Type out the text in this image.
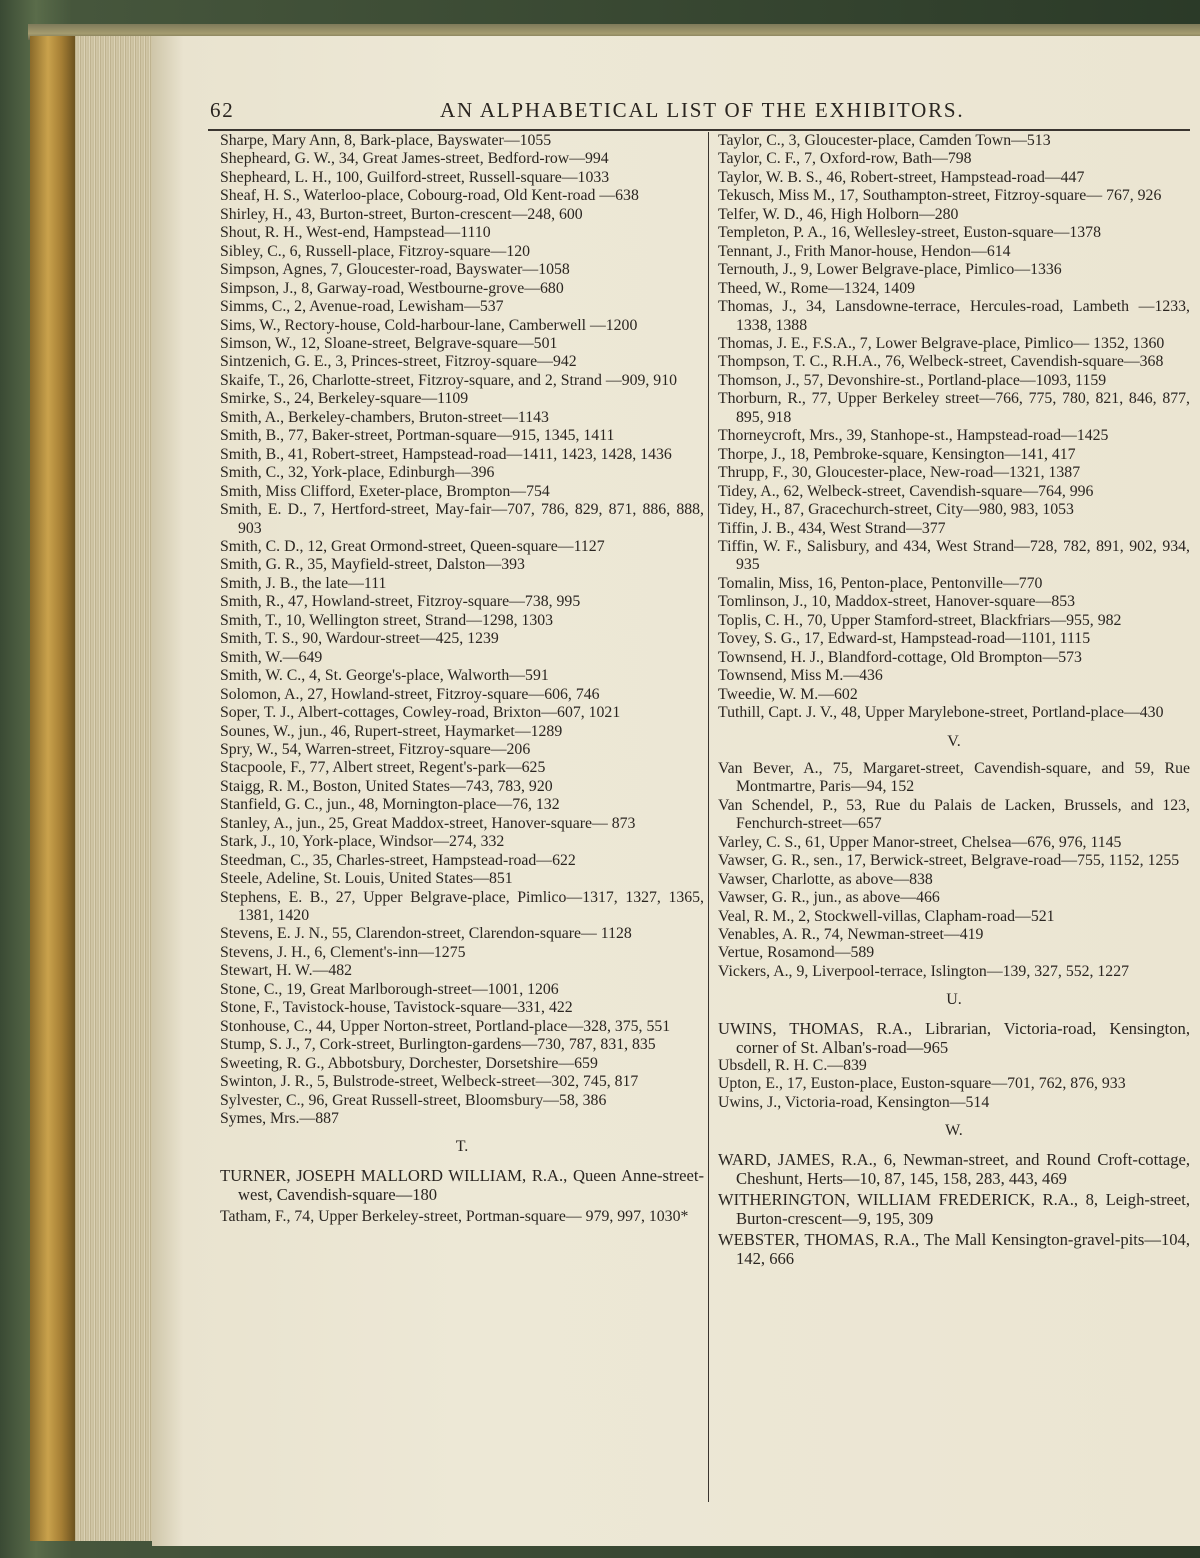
62	AN ALPHABETICAL LIST OF THE EXHIBITORS.

Sharpe, Mary Ann, 8, Bark-place, Bayswater—1055

Shepheard, G. W., 34, Great James-street, Bedford-row—994

Shepheard, L. H., 100, Guilford-street, Russell-square—1033

Sheaf, H. S., Waterloo-place, Cobourg-road, Old Kent-road —638

Shirley, H., 43, Burton-street, Burton-crescent—248, 600

Shout, R. H., West-end, Hampstead—1110

Sibley, C., 6, Russell-place, Fitzroy-square—120

Simpson, Agnes, 7, Gloucester-road, Bayswater—1058

Simpson, J., 8, Garway-road, Westbourne-grove—680

Simms, C., 2, Avenue-road, Lewisham—537

Sims, W., Rectory-house, Cold-harbour-lane, Camberwell —1200

Simson, W., 12, Sloane-street, Belgrave-square—501

Sintzenich, G. E., 3, Princes-street, Fitzroy-square—942

Skaife, T., 26, Charlotte-street, Fitzroy-square, and 2, Strand —909, 910

Smirke, S., 24, Berkeley-square—1109

Smith, A., Berkeley-chambers, Bruton-street—1143

Smith, B., 77, Baker-street, Portman-square—915, 1345, 1411

Smith, B., 41, Robert-street, Hampstead-road—1411, 1423, 1428, 1436

Smith, C., 32, York-place, Edinburgh—396

Smith, Miss Clifford, Exeter-place, Brompton—754

Smith, E. D., 7, Hertford-street, May-fair—707, 786, 829, 871, 886, 888, 903

Smith, C. D., 12, Great Ormond-street, Queen-square—1127

Smith, G. R., 35, Mayfield-street, Dalston—393

Smith, J. B., the late—111

Smith, R., 47, Howland-street, Fitzroy-square—738, 995

Smith, T., 10, Wellington street, Strand—1298, 1303

Smith, T. S., 90, Wardour-street—425, 1239

Smith, W.—649

Smith, W. C., 4, St. George's-place, Walworth—591

Solomon, A., 27, Howland-street, Fitzroy-square—606, 746

Soper, T. J., Albert-cottages, Cowley-road, Brixton—607, 1021

Sounes, W., jun., 46, Rupert-street, Haymarket—1289

Spry, W., 54, Warren-street, Fitzroy-square—206

Stacpoole, F., 77, Albert street, Regent's-park—625

Staigg, R. M., Boston, United States—743, 783, 920

Stanfield, G. C., jun., 48, Mornington-place—76, 132

Stanley, A., jun., 25, Great Maddox-street, Hanover-square— 873

Stark, J., 10, York-place, Windsor—274, 332

Steedman, C., 35, Charles-street, Hampstead-road—622

Steele, Adeline, St. Louis, United States—851

Stephens, E. B., 27, Upper Belgrave-place, Pimlico—1317, 1327, 1365, 1381, 1420

Stevens, E. J. N., 55, Clarendon-street, Clarendon-square— 1128

Stevens, J. H., 6, Clement's-inn—1275

Stewart, H. W.—482

Stone, C., 19, Great Marlborough-street—1001, 1206

Stone, F., Tavistock-house, Tavistock-square—331, 422

Stonhouse, C., 44, Upper Norton-street, Portland-place—328, 375, 551

Stump, S. J., 7, Cork-street, Burlington-gardens—730, 787, 831, 835

Sweeting, R. G., Abbotsbury, Dorchester, Dorsetshire—659

Swinton, J. R., 5, Bulstrode-street, Welbeck-street—302, 745, 817

Sylvester, C., 96, Great Russell-street, Bloomsbury—58, 386

Symes, Mrs.—887

T.

TURNER, JOSEPH MALLORD WILLIAM, R.A., Queen Anne-street-west, Cavendish-square—180

Tatham, F., 74, Upper Berkeley-street, Portman-square— 979, 997, 1030*

Taylor, C., 3, Gloucester-place, Camden Town—513

Taylor, C. F., 7, Oxford-row, Bath—798

Taylor, W. B. S., 46, Robert-street, Hampstead-road—447

Tekusch, Miss M., 17, Southampton-street, Fitzroy-square— 767, 926

Telfer, W. D., 46, High Holborn—280

Templeton, P. A., 16, Wellesley-street, Euston-square—1378

Tennant, J., Frith Manor-house, Hendon—614

Ternouth, J., 9, Lower Belgrave-place, Pimlico—1336

Theed, W., Rome—1324, 1409

Thomas, J., 34, Lansdowne-terrace, Hercules-road, Lambeth —1233, 1338, 1388

Thomas, J. E., F.S.A., 7, Lower Belgrave-place, Pimlico— 1352, 1360

Thompson, T. C., R.H.A., 76, Welbeck-street, Cavendish-square—368

Thomson, J., 57, Devonshire-st., Portland-place—1093, 1159

Thorburn, R., 77, Upper Berkeley street—766, 775, 780, 821, 846, 877, 895, 918

Thorneycroft, Mrs., 39, Stanhope-st., Hampstead-road—1425

Thorpe, J., 18, Pembroke-square, Kensington—141, 417

Thrupp, F., 30, Gloucester-place, New-road—1321, 1387

Tidey, A., 62, Welbeck-street, Cavendish-square—764, 996

Tidey, H., 87, Gracechurch-street, City—980, 983, 1053

Tiffin, J. B., 434, West Strand—377

Tiffin, W. F., Salisbury, and 434, West Strand—728, 782, 891, 902, 934, 935

Tomalin, Miss, 16, Penton-place, Pentonville—770

Tomlinson, J., 10, Maddox-street, Hanover-square—853

Toplis, C. H., 70, Upper Stamford-street, Blackfriars—955, 982

Tovey, S. G., 17, Edward-st, Hampstead-road—1101, 1115

Townsend, H. J., Blandford-cottage, Old Brompton—573

Townsend, Miss M.—436

Tweedie, W. M.—602

Tuthill, Capt. J. V., 48, Upper Marylebone-street, Portland-place—430

V.

Van Bever, A., 75, Margaret-street, Cavendish-square, and 59, Rue Montmartre, Paris—94, 152

Van Schendel, P., 53, Rue du Palais de Lacken, Brussels, and 123, Fenchurch-street—657

Varley, C. S., 61, Upper Manor-street, Chelsea—676, 976, 1145

Vawser, G. R., sen., 17, Berwick-street, Belgrave-road—755, 1152, 1255

Vawser, Charlotte, as above—838

Vawser, G. R., jun., as above—466

Veal, R. M., 2, Stockwell-villas, Clapham-road—521

Venables, A. R., 74, Newman-street—419

Vertue, Rosamond—589

Vickers, A., 9, Liverpool-terrace, Islington—139, 327, 552, 1227

U.

UWINS, THOMAS, R.A., Librarian, Victoria-road, Kensington, corner of St. Alban's-road—965

Ubsdell, R. H. C.—839

Upton, E., 17, Euston-place, Euston-square—701, 762, 876, 933

Uwins, J., Victoria-road, Kensington—514

W.

WARD, JAMES, R.A., 6, Newman-street, and Round Croft-cottage, Cheshunt, Herts—10, 87, 145, 158, 283, 443, 469

WITHERINGTON, WILLIAM FREDERICK, R.A., 8, Leigh-street, Burton-crescent—9, 195, 309

WEBSTER, THOMAS, R.A., The Mall Kensington-gravel-pits—104, 142, 666
